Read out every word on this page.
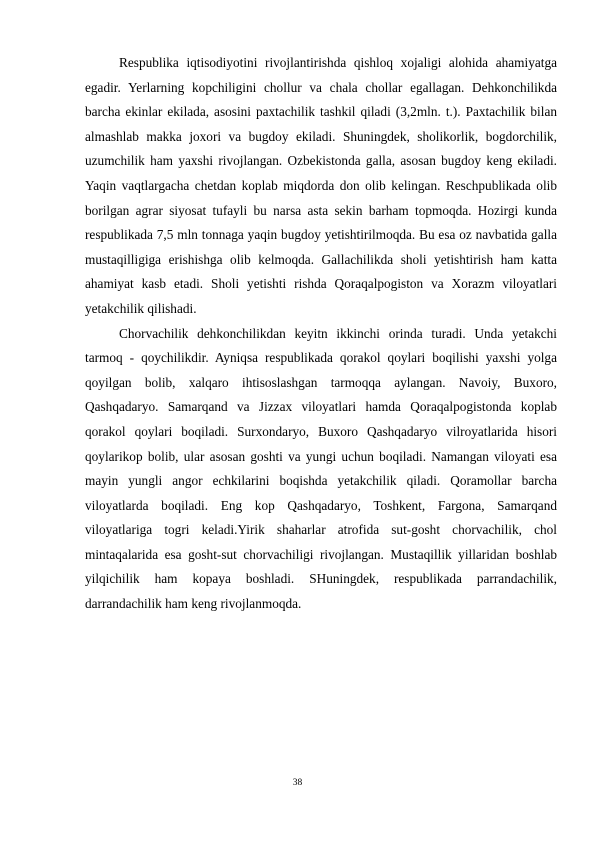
Respublika iqtisodiyotini rivojlantirishda qishloq xojaligi alohida ahamiyatga egadir. Yerlarning kopchiligini chollur va chala chollar egallagan. Dehkonchilikda barcha ekinlar ekilada, asosini paxtachilik tashkil qiladi (3,2mln. t.). Paxtachilik bilan almashlab makka joxori va bugdoy ekiladi. Shuningdek, sholikorlik, bogdorchilik, uzumchilik ham yaxshi rivojlangan. Ozbekistonda galla, asosan bugdoy keng ekiladi. Yaqin vaqtlargacha chetdan koplab miqdorda don olib kelingan. Reschpublikada olib borilgan agrar siyosat tufayli bu narsa asta sekin barham topmoqda. Hozirgi kunda respublikada 7,5 mln tonnaga yaqin bugdoy yetishtirilmoqda. Bu esa oz navbatida galla mustaqilligiga erishishga olib kelmoqda. Gallachilikda sholi yetishtirish ham katta ahamiyat kasb etadi. Sholi yetishti rishda Qoraqalpogiston va Xorazm viloyatlari yetakchilik qilishadi.

Chorvachilik dehkonchilikdan keyitn ikkinchi orinda turadi. Unda yetakchi tarmoq - qoychilikdir. Ayniqsa respublikada qorakol qoylari boqilishi yaxshi yolga qoyilgan bolib, xalqaro ihtisoslashgan tarmoqqa aylangan. Navoiy, Buxoro, Qashqadaryo. Samarqand va Jizzax viloyatlari hamda Qoraqalpogistonda koplab qorakol qoylari boqiladi. Surxondaryo, Buxoro Qashqadaryo vilroyatlarida hisori qoylarikop bolib, ular asosan goshti va yungi uchun boqiladi. Namangan viloyati esa mayin yungli angor echkilarini boqishda yetakchilik qiladi. Qoramollar barcha viloyatlarda boqiladi. Eng kop Qashqadaryo, Toshkent, Fargona, Samarqand viloyatlariga togri keladi.Yirik shaharlar atrofida sut-gosht chorvachilik, chol mintaqalarida esa gosht-sut chorvachiligi rivojlangan. Mustaqillik yillaridan boshlab yilqichilik ham kopaya boshladi. SHuningdek, respublikada parrandachilik, darrandachilik ham keng rivojlanmoqda.

38
